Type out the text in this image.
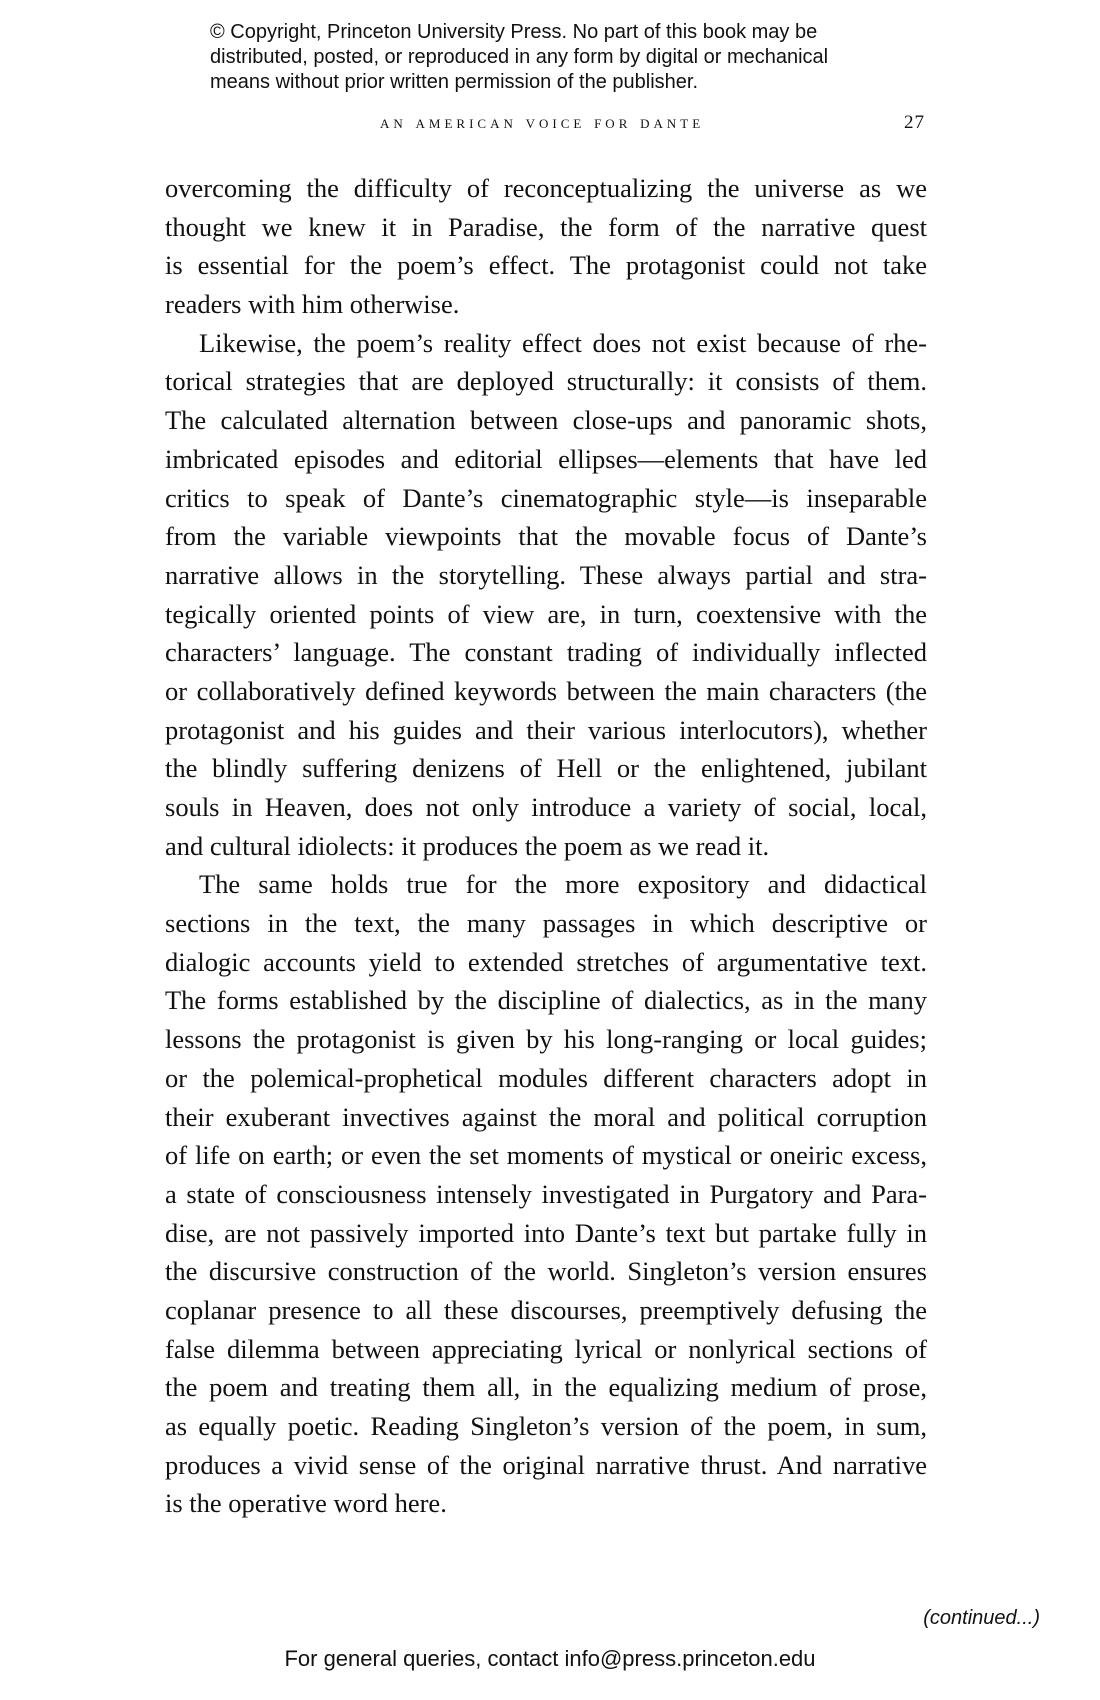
© Copyright, Princeton University Press. No part of this book may be
distributed, posted, or reproduced in any form by digital or mechanical
means without prior written permission of the publisher.
an american voice for dante	27
overcoming the difficulty of reconceptualizing the universe as we
thought we knew it in Paradise, the form of the narrative quest
is essential for the poem’s effect. The protagonist could not take
readers with him otherwise.
Likewise, the poem’s reality effect does not exist because of rhe-
torical strategies that are deployed structurally: it consists of them.
The calculated alternation between close-ups and panoramic shots,
imbricated episodes and editorial ellipses—elements that have led
critics to speak of Dante’s cinematographic style—is inseparable
from the variable viewpoints that the movable focus of Dante’s
narrative allows in the storytelling. These always partial and stra-
tegically oriented points of view are, in turn, coextensive with the
characters’ language. The constant trading of individually inflected
or collaboratively defined keywords between the main characters (the
protagonist and his guides and their various interlocutors), whether
the blindly suffering denizens of Hell or the enlightened, jubilant
souls in Heaven, does not only introduce a variety of social, local,
and cultural idiolects: it produces the poem as we read it.
The same holds true for the more expository and didactical
sections in the text, the many passages in which descriptive or
dialogic accounts yield to extended stretches of argumentative text.
The forms established by the discipline of dialectics, as in the many
lessons the protagonist is given by his long-ranging or local guides;
or the polemical-prophetical modules different characters adopt in
their exuberant invectives against the moral and political corruption
of life on earth; or even the set moments of mystical or oneiric excess,
a state of consciousness intensely investigated in Purgatory and Para-
dise, are not passively imported into Dante’s text but partake fully in
the discursive construction of the world. Singleton’s version ensures
coplanar presence to all these discourses, preemptively defusing the
false dilemma between appreciating lyrical or nonlyrical sections of
the poem and treating them all, in the equalizing medium of prose,
as equally poetic. Reading Singleton’s version of the poem, in sum,
produces a vivid sense of the original narrative thrust. And narrative
is the operative word here.
(continued...)
For general queries, contact info@press.princeton.edu
